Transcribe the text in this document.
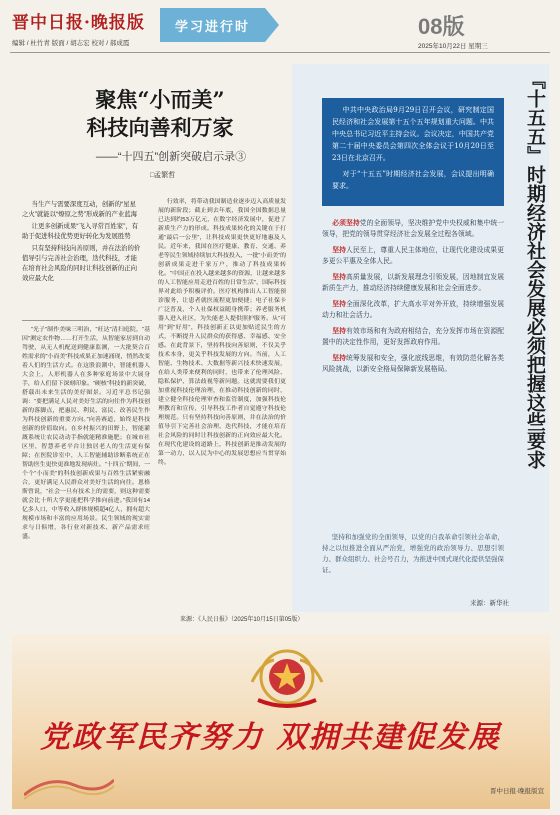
晋中日报·晚报版
编辑 / 杜竹青 版面 / 胡志宏 校对 / 郝成霞
学习进行时	08版
2025年10月22日 星期三
聚焦“小而美”
科技向善利万家
——“十四五”创新突破启示录③
□孟繁哲

当生产与需要深度互动，创新的“星星之火”就能以“燎原之势”形成新的产业蓝海

让更多创新成果“飞入寻常百姓家”，有助于促进科技优势更好转化为发展胜势

只有坚持科技向善原则，并在法治的价值导引与完善社会治理，迭代科技，才能在培育社会风险的同时让科技创新的正向效应最大化

“光子”制作美味三明治，“旺达”清扫庭院，“基因”测定农作物……打开生活，从智能家居到自动驾驶，从无人机配送到健康监测，一大批契合百姓需求的“小而美”科技成果正加速涌现，悄然改变着人们的生活方式。在这股浪潮中，智能机器人大会上，人形机器人在多种家庭场景中大展身手，给人们留下深刻印象。“硬核”科技的新突破，搭载出未来生活的美好图景。习近平总书记强调：“要把满足人民对美好生活的向往作为科技创新的落脚点，把惠民、利民、富民、改善民生作为科技创新的重要方向。”向善赛道，始终是科技创新的价值取向。在乡村振兴的田野上，智能灌溉系统让农民动动手指就能精准施肥；在城市社区里，智慧养老平台让独居老人的生活更有保障；在医院诊室中，人工智能辅助诊断系统正在帮助医生更快更准地发现病灶。“十四五”期间，一个个“小而美”的科技创新成果与百姓生活紧密融合，更好满足人民群众对美好生活的向往。恩格斯曾说，“社会一旦有技术上的需要，则这种需要就会比十所大学更能把科学推向前进。”我国有14亿多人口，中等收入群体规模超4亿人，拥有超大规模市场和丰富的应用场景。民生领域的现实需求与日俱增，各行业对新技术、新产品需求旺盛。

行效率，将带动我国制造业逐步迈入高质量发展的新阶段；截止到去年底，我国全国数据总量已达到约53万亿元，在数字经济发展中，促进了新质生产力的形成。科技成果转化的关键在于打通“最后一公里”，让科技成果更快更好地惠及人民。近年来，我国在医疗健康、教育、交通、养老等民生领域持续加大科技投入，一批“小而美”的创新成果走进千家万户，推动了科技成果转化。“中国正在投入越来越多的资源，让越来越多的人工智能应用走进百姓的日常生活”，国际科技界对此给予积极评价。医疗机构推出人工智能预诊服务，让患者就医流程更加便捷；电子社保卡广泛普及，个人社保权益随身携带；养老服务机器人进入社区，为失能老人提供照护服务。从“可用”到“好用”，科技创新正以更加贴近民生的方式，不断提升人民群众的获得感、幸福感、安全感。在此背景下，坚持科技向善原则，不仅关乎技术本身，更关乎科技发展的方向。当前，人工智能、生物技术、大数据等新兴技术快速发展，在给人类带来便利的同时，也带来了伦理风险、隐私保护、算法歧视等新问题。这就需要我们更加重视科技伦理治理，在推动科技创新的同时，建立健全科技伦理审查和监管制度，加强科技伦理教育和宣传，引导科技工作者自觉遵守科技伦理规范。只有坚持科技向善原则，并在法治的价值导引下完善社会治理、迭代科技，才能在培育社会风险的同时让科技创新的正向效应最大化。在现代化建设的道路上，科技创新是推动发展的第一动力，以人民为中心的发展思想应当贯穿始终。

来源：《人民日报》（2025年10月15日第05版）
『十五五』时期经济社会发展必须把握这些要求

中共中央政治局9月29日召开会议，研究制定国民经济和社会发展第十五个五年规划重大问题。中共中央总书记习近平主持会议。会议决定，中国共产党第二十届中央委员会第四次全体会议于10月20日至23日在北京召开。

对于“十五五”时期经济社会发展，会议提出明确要求。

必须坚持党的全面领导，坚决维护党中央权威和集中统一领导，把党的领导贯穿经济社会发展全过程各领域。

坚持人民至上，尊重人民主体地位，让现代化建设成果更多更公平惠及全体人民。

坚持高质量发展，以新发展理念引领发展，因地制宜发展新质生产力，推动经济持续健康发展和社会全面进步。

坚持全面深化改革，扩大高水平对外开放，持续增强发展动力和社会活力。

坚持有效市场和有为政府相结合，充分发挥市场在资源配置中的决定性作用，更好发挥政府作用。

坚持统筹发展和安全，强化底线思维，有效防范化解各类风险挑战，以新安全格局保障新发展格局。

坚持和加强党的全面领导，以党的自我革命引领社会革命，持之以恒推进全面从严治党，增强党的政治领导力、思想引领力、群众组织力、社会号召力，为推进中国式现代化提供坚强保证。

来源：新华社
党政军民齐努力 双拥共建促发展
晋中日报·晚报版宣
